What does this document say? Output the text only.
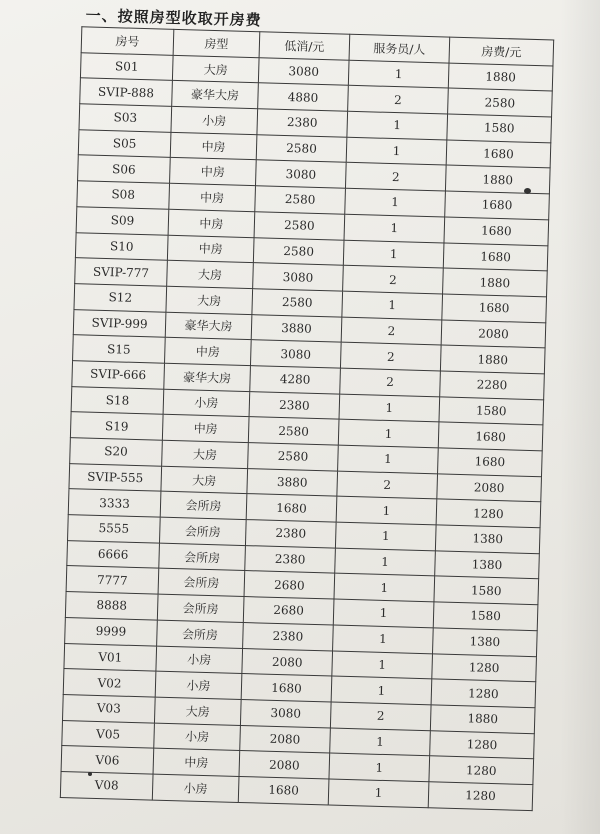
一、按照房型收取开房费
房号	房型	低消/元	服务员/人	房费/元
S01	大房	3080	1	1880
SVIP-888	豪华大房	4880	2	2580
S03	小房	2380	1	1580
S05	中房	2580	1	1680
S06	中房	3080	2	1880
S08	中房	2580	1	1680
S09	中房	2580	1	1680
S10	中房	2580	1	1680
SVIP-777	大房	3080	2	1880
S12	大房	2580	1	1680
SVIP-999	豪华大房	3880	2	2080
S15	中房	3080	2	1880
SVIP-666	豪华大房	4280	2	2280
S18	小房	2380	1	1580
S19	中房	2580	1	1680
S20	大房	2580	1	1680
SVIP-555	大房	3880	2	2080
3333	会所房	1680	1	1280
5555	会所房	2380	1	1380
6666	会所房	2380	1	1380
7777	会所房	2680	1	1580
8888	会所房	2680	1	1580
9999	会所房	2380	1	1380
V01	小房	2080	1	1280
V02	小房	1680	1	1280
V03	大房	3080	2	1880
V05	小房	2080	1	1280
V06	中房	2080	1	1280
V08	小房	1680	1	1280
